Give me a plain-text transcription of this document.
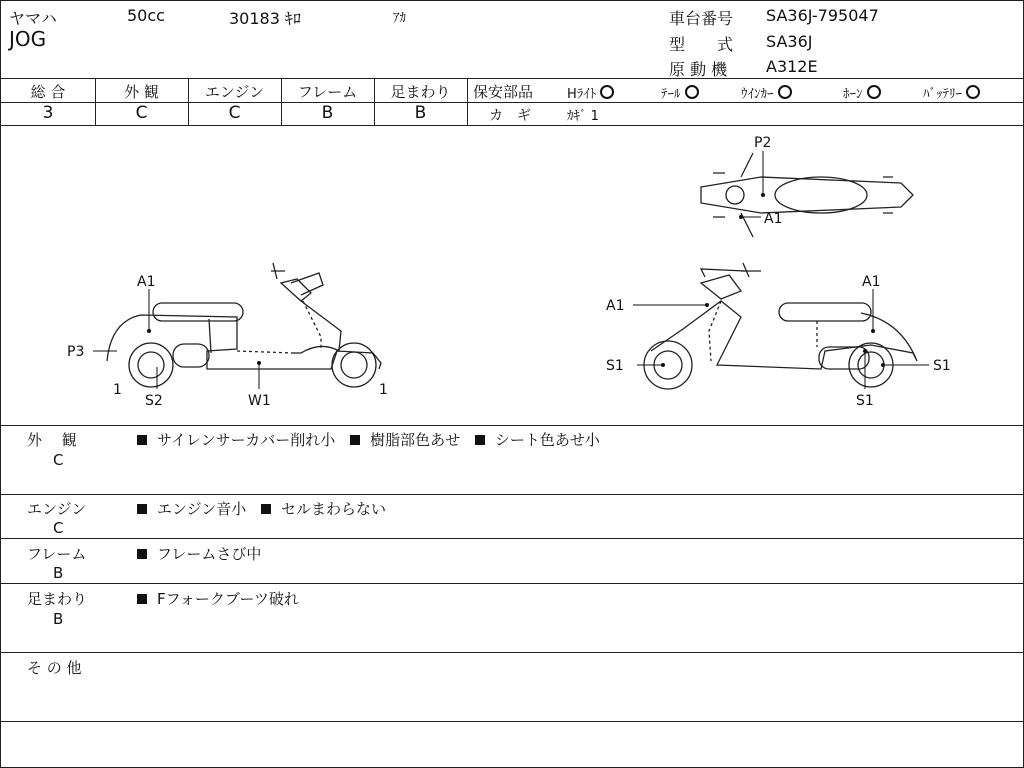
ヤマハ	50cc	30183 ｷﾛ	ｱｶ
JOG
車台番号 SA36J-795047
型　　式 SA36J
原 動 機 A312E
総 合	外 観	エンジン	フレーム	足まわり
3	C	C	B	B
保安部品	Hﾗｲﾄ	ﾃｰﾙ	ｳｲﾝｶｰ	ﾎｰﾝ	ﾊﾞｯﾃﾘｰ
カ　ギ	ｶｷﾞ 1
A1
P3
1
S2	W1
1
P2
A1
A1
A1
S1	S1
S1
外　 観
C
サイレンサーカバー削れ小 樹脂部色あせ シート色あせ小
エンジン
C
エンジン音小 セルまわらない
フレーム
B
フレームさび中
足まわり
B
Fフォークブーツ破れ
そ の 他
